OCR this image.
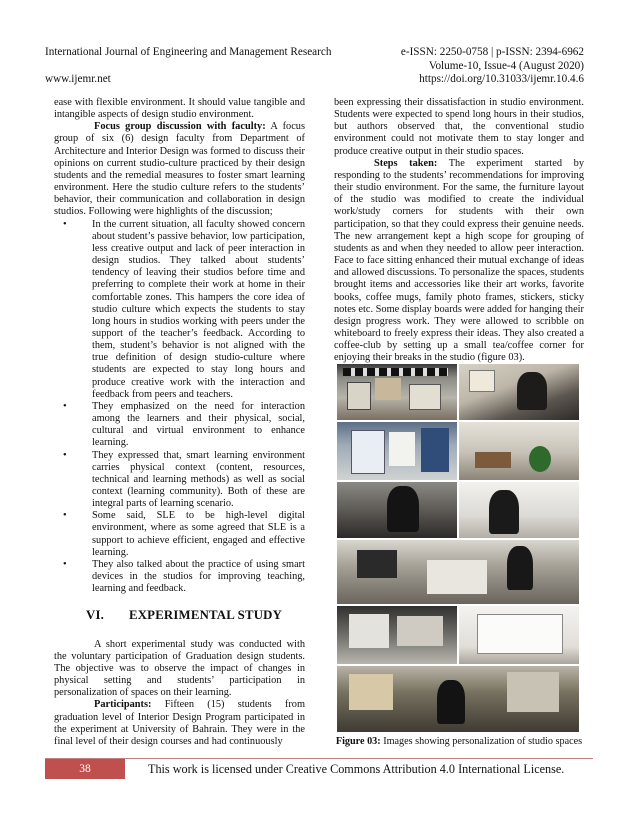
International Journal of Engineering and Management Research	e-ISSN: 2250-0758 | p-ISSN: 2394-6962
Volume-10, Issue-4 (August 2020)
www.ijemr.net	https://doi.org/10.31033/ijemr.10.4.6

ease with flexible environment. It should value tangible and intangible aspects of design studio environment.

Focus group discussion with faculty: A focus group of six (6) design faculty from Department of Architecture and Interior Design was formed to discuss their opinions on current studio-culture practiced by their design students and the remedial measures to foster smart learning environment. Here the studio culture refers to the students’ behavior, their communication and collaboration in design studios. Following were highlights of the discussion;

• In the current situation, all faculty showed concern about student’s passive behavior, low participation, less creative output and lack of peer interaction in design studios. They talked about students’ tendency of leaving their studios before time and preferring to complete their work at home in their comfortable zones. This hampers the core idea of studio culture which expects the students to stay long hours in studios working with peers under the support of the teacher’s feedback. According to them, student’s behavior is not aligned with the true definition of design studio-culture where students are expected to stay long hours and produce creative work with the interaction and feedback from peers and teachers.
• They emphasized on the need for interaction among the learners and their physical, social, cultural and virtual environment to enhance learning.
• They expressed that, smart learning environment carries physical context (content, resources, technical and learning methods) as well as social context (learning community). Both of these are integral parts of learning scenario.
• Some said, SLE to be high-level digital environment, where as some agreed that SLE is a support to achieve efficient, engaged and effective learning.
• They also talked about the practice of using smart devices in the studios for improving teaching, learning and feedback.
VI. EXPERIMENTAL STUDY

A short experimental study was conducted with the voluntary participation of Graduation design students. The objective was to observe the impact of changes in physical setting and students’ participation in personalization of spaces on their learning.

Participants: Fifteen (15) students from graduation level of Interior Design Program participated in the experiment at University of Bahrain. They were in the final level of their design courses and had continuously

been expressing their dissatisfaction in studio environment. Students were expected to spend long hours in their studios, but authors observed that, the conventional studio environment could not motivate them to stay longer and produce creative output in their studio spaces.

Steps taken: The experiment started by responding to the students’ recommendations for improving their studio environment. For the same, the furniture layout of the studio was modified to create the individual work/study corners for students with their own participation, so that they could express their genuine needs. The new arrangement kept a high scope for grouping of students as and when they needed to allow peer interaction. Face to face sitting enhanced their mutual exchange of ideas and allowed discussions. To personalize the spaces, students brought items and accessories like their art works, favorite books, coffee mugs, family photo frames, stickers, sticky notes etc. Some display boards were added for hanging their design progress work. They were allowed to scribble on whiteboard to freely express their ideas. They also created a coffee-club by setting up a small tea/coffee corner for enjoying their breaks in the studio (figure 03).

Figure 03: Images showing personalization of studio spaces
38	This work is licensed under Creative Commons Attribution 4.0 International License.
